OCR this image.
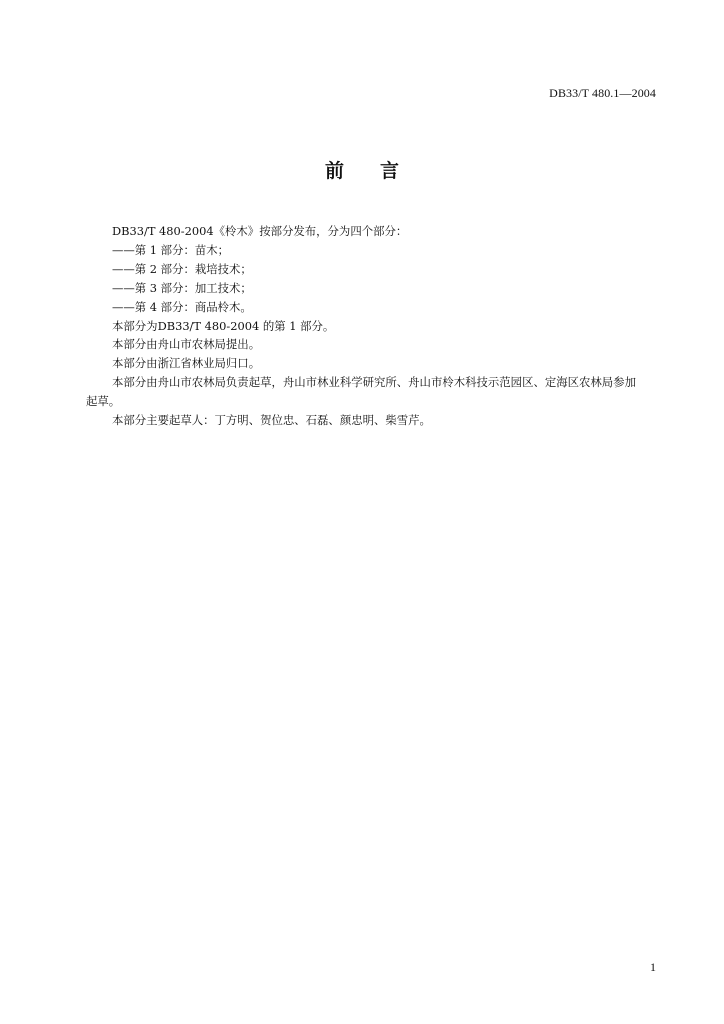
DB33/T 480.1—2004
前言

DB33/T 480-2004《柃木》按部分发布，分为四个部分：

——第 1 部分：苗木；

——第 2 部分：栽培技术；

——第 3 部分：加工技术；

——第 4 部分：商品柃木。

本部分为DB33/T 480-2004 的第 1 部分。

本部分由舟山市农林局提出。

本部分由浙江省林业局归口。

本部分由舟山市农林局负责起草，舟山市林业科学研究所、舟山市柃木科技示范园区、定海区农林局参加起草。

本部分主要起草人：丁方明、贺位忠、石磊、颜忠明、柴雪芹。

1
